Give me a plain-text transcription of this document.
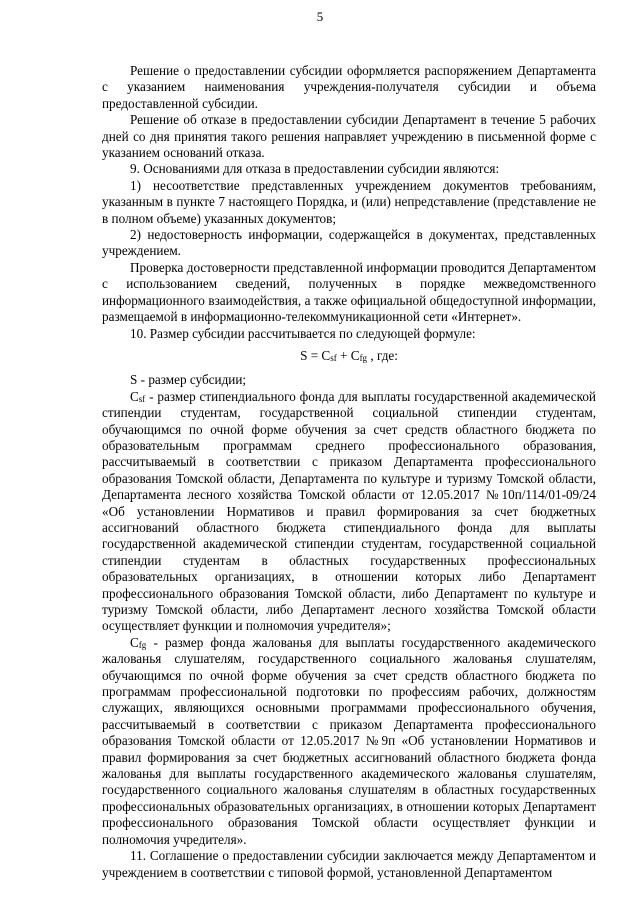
5

Решение о предоставлении субсидии оформляется распоряжением Департамента с указанием наименования учреждения-получателя субсидии и объема предоставленной субсидии.

Решение об отказе в предоставлении субсидии Департамент в течение 5 рабочих дней со дня принятия такого решения направляет учреждению в письменной форме с указанием оснований отказа.

9. Основаниями для отказа в предоставлении субсидии являются:

1) несоответствие представленных учреждением документов требованиям, указанным в пункте 7 настоящего Порядка, и (или) непредставление (представление не в полном объеме) указанных документов;

2) недостоверность информации, содержащейся в документах, представленных учреждением.

Проверка достоверности представленной информации проводится Департаментом с использованием сведений, полученных в порядке межведомственного информационного взаимодействия, а также официальной общедоступной информации, размещаемой в информационно-телекоммуникационной сети «Интернет».

10. Размер субсидии рассчитывается по следующей формуле:

$S = C_{sf} + C_{fg}$ , где:

S - размер субсидии;

$C_{sf}$ - размер стипендиального фонда для выплаты государственной академической стипендии студентам, государственной социальной стипендии студентам, обучающимся по очной форме обучения за счет средств областного бюджета по образовательным программам среднего профессионального образования, рассчитываемый в соответствии с приказом Департамента профессионального образования Томской области, Департамента по культуре и туризму Томской области, Департамента лесного хозяйства Томской области от 12.05.2017 №10п/114/01-09/24 «Об установлении Нормативов и правил формирования за счет бюджетных ассигнований областного бюджета стипендиального фонда для выплаты государственной академической стипендии студентам, государственной социальной стипендии студентам в областных государственных профессиональных образовательных организациях, в отношении которых либо Департамент профессионального образования Томской области, либо Департамент по культуре и туризму Томской области, либо Департамент лесного хозяйства Томской области осуществляет функции и полномочия учредителя»;

$C_{fg}$ - размер фонда жалованья для выплаты государственного академического жалованья слушателям, государственного социального жалованья слушателям, обучающимся по очной форме обучения за счет средств областного бюджета по программам профессиональной подготовки по профессиям рабочих, должностям служащих, являющихся основными программами профессионального обучения, рассчитываемый в соответствии с приказом Департамента профессионального образования Томской области от 12.05.2017 №9п «Об установлении Нормативов и правил формирования за счет бюджетных ассигнований областного бюджета фонда жалованья для выплаты государственного академического жалованья слушателям, государственного социального жалованья слушателям в областных государственных профессиональных образовательных организациях, в отношении которых Департамент профессионального образования Томской области осуществляет функции и полномочия учредителя».

11. Соглашение о предоставлении субсидии заключается между Департаментом и учреждением в соответствии с типовой формой, установленной Департаментом
